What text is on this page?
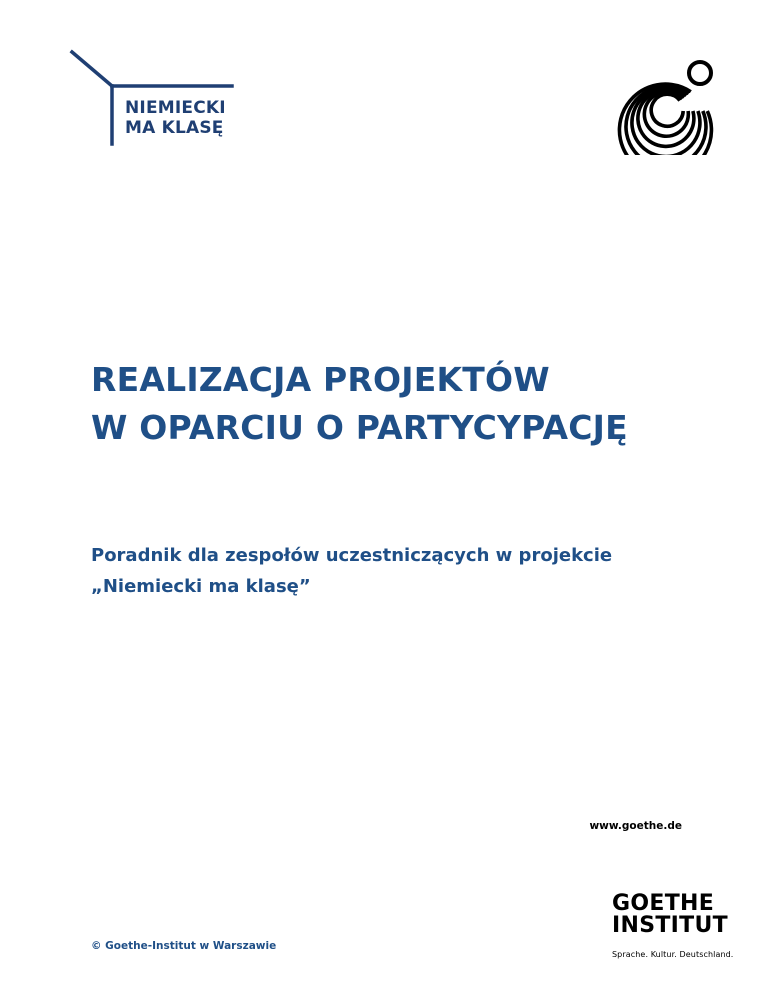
NIEMIECKI
MA KLASĘ
REALIZACJA PROJEKTÓW
W OPARCIU O PARTYCYPACJĘ
Poradnik dla zespołów uczestniczących w projekcie
„Niemiecki ma klasę”
www.goethe.de
© Goethe-Institut w Warszawie
GOETHE
INSTITUT
Sprache. Kultur. Deutschland.
